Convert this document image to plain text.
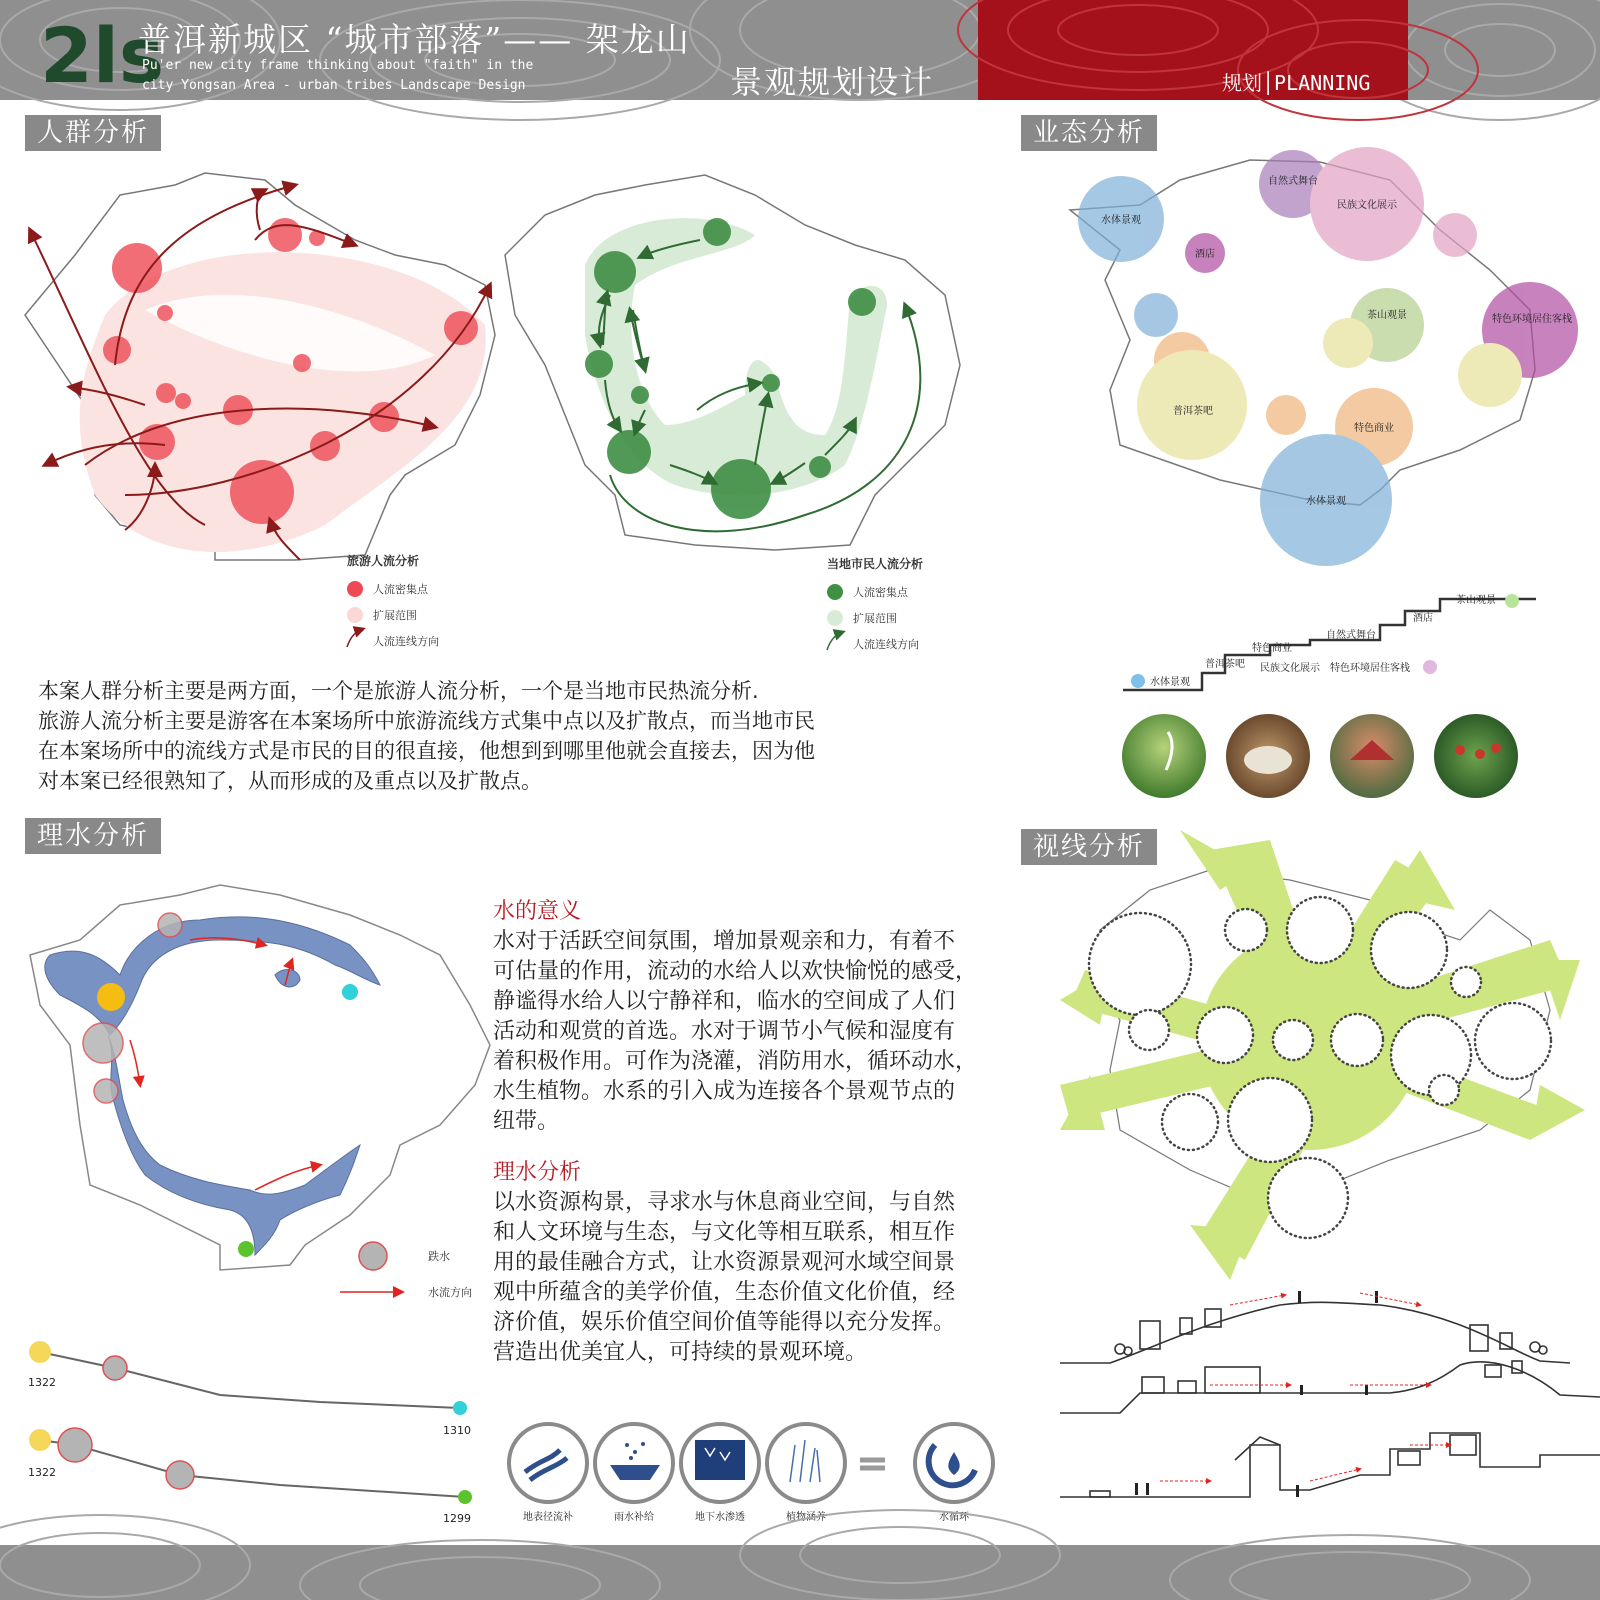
2ls
普洱新城区 “城市部落”—— 架龙山
Pu'er new city frame thinking about "faith" in the
city Yongsan Area - urban tribes Landscape Design	景观规划设计	规划│PLANNING
人群分析	业态分析
理水分析	视线分析
旅游人流分析
人流密集点
扩展范围
人流连线方向
当地市民人流分析
人流密集点
扩展范围
人流连线方向
本案人群分析主要是两方面，一个是旅游人流分析，一个是当地市民热流分析.
旅游人流分析主要是游客在本案场所中旅游流线方式集中点以及扩散点，而当地市民
在本案场所中的流线方式是市民的目的很直接，他想到到哪里他就会直接去，因为他
对本案已经很熟知了，从而形成的及重点以及扩散点。
水体景观
自然式舞台
民族文化展示
酒店
茶山观景	特色环境居住客栈
普洱茶吧
特色商业
水体景观
水体景观
普洱茶吧
特色商业
民族文化展示
自然式舞台
特色环境居住客栈
酒店
茶山观景
跌水
水流方向
1322
1310
1322
1299
水的意义
水对于活跃空间氛围，增加景观亲和力，有着不
可估量的作用，流动的水给人以欢快愉悦的感受，
静谧得水给人以宁静祥和，临水的空间成了人们
活动和观赏的首选。水对于调节小气候和湿度有
着积极作用。可作为浇灌，消防用水，循环动水，
水生植物。水系的引入成为连接各个景观节点的
纽带。
理水分析
以水资源构景，寻求水与休息商业空间，与自然
和人文环境与生态，与文化等相互联系，相互作
用的最佳融合方式，让水资源景观河水域空间景
观中所蕴含的美学价值，生态价值文化价值，经
济价值，娱乐价值空间价值等能得以充分发挥。
营造出优美宜人，可持续的景观环境。
地表径流补	雨水补给	地下水渗透	植物涵养	水循环
